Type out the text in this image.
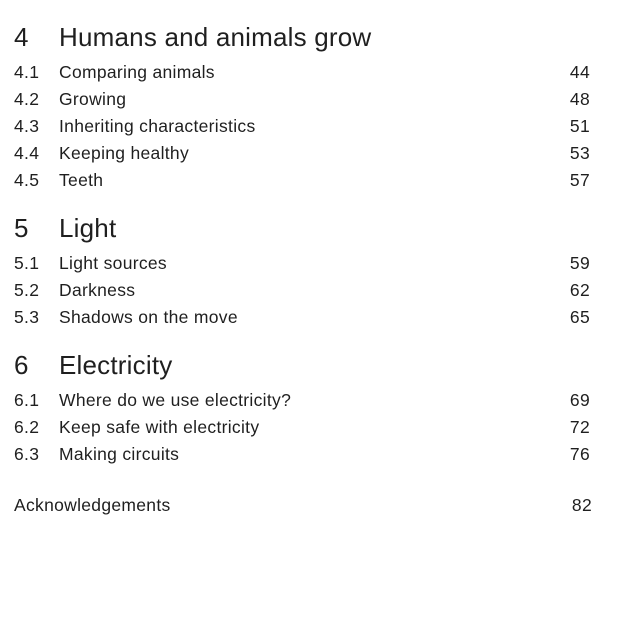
4	Humans and animals grow
4.1	Comparing animals	44
4.2	Growing	48
4.3	Inheriting characteristics	51
4.4	Keeping healthy	53
4.5	Teeth	57
5	Light
5.1	Light sources	59
5.2	Darkness	62
5.3	Shadows on the move	65
6	Electricity
6.1	Where do we use electricity?	69
6.2	Keep safe with electricity	72
6.3	Making circuits	76
Acknowledgements	82
